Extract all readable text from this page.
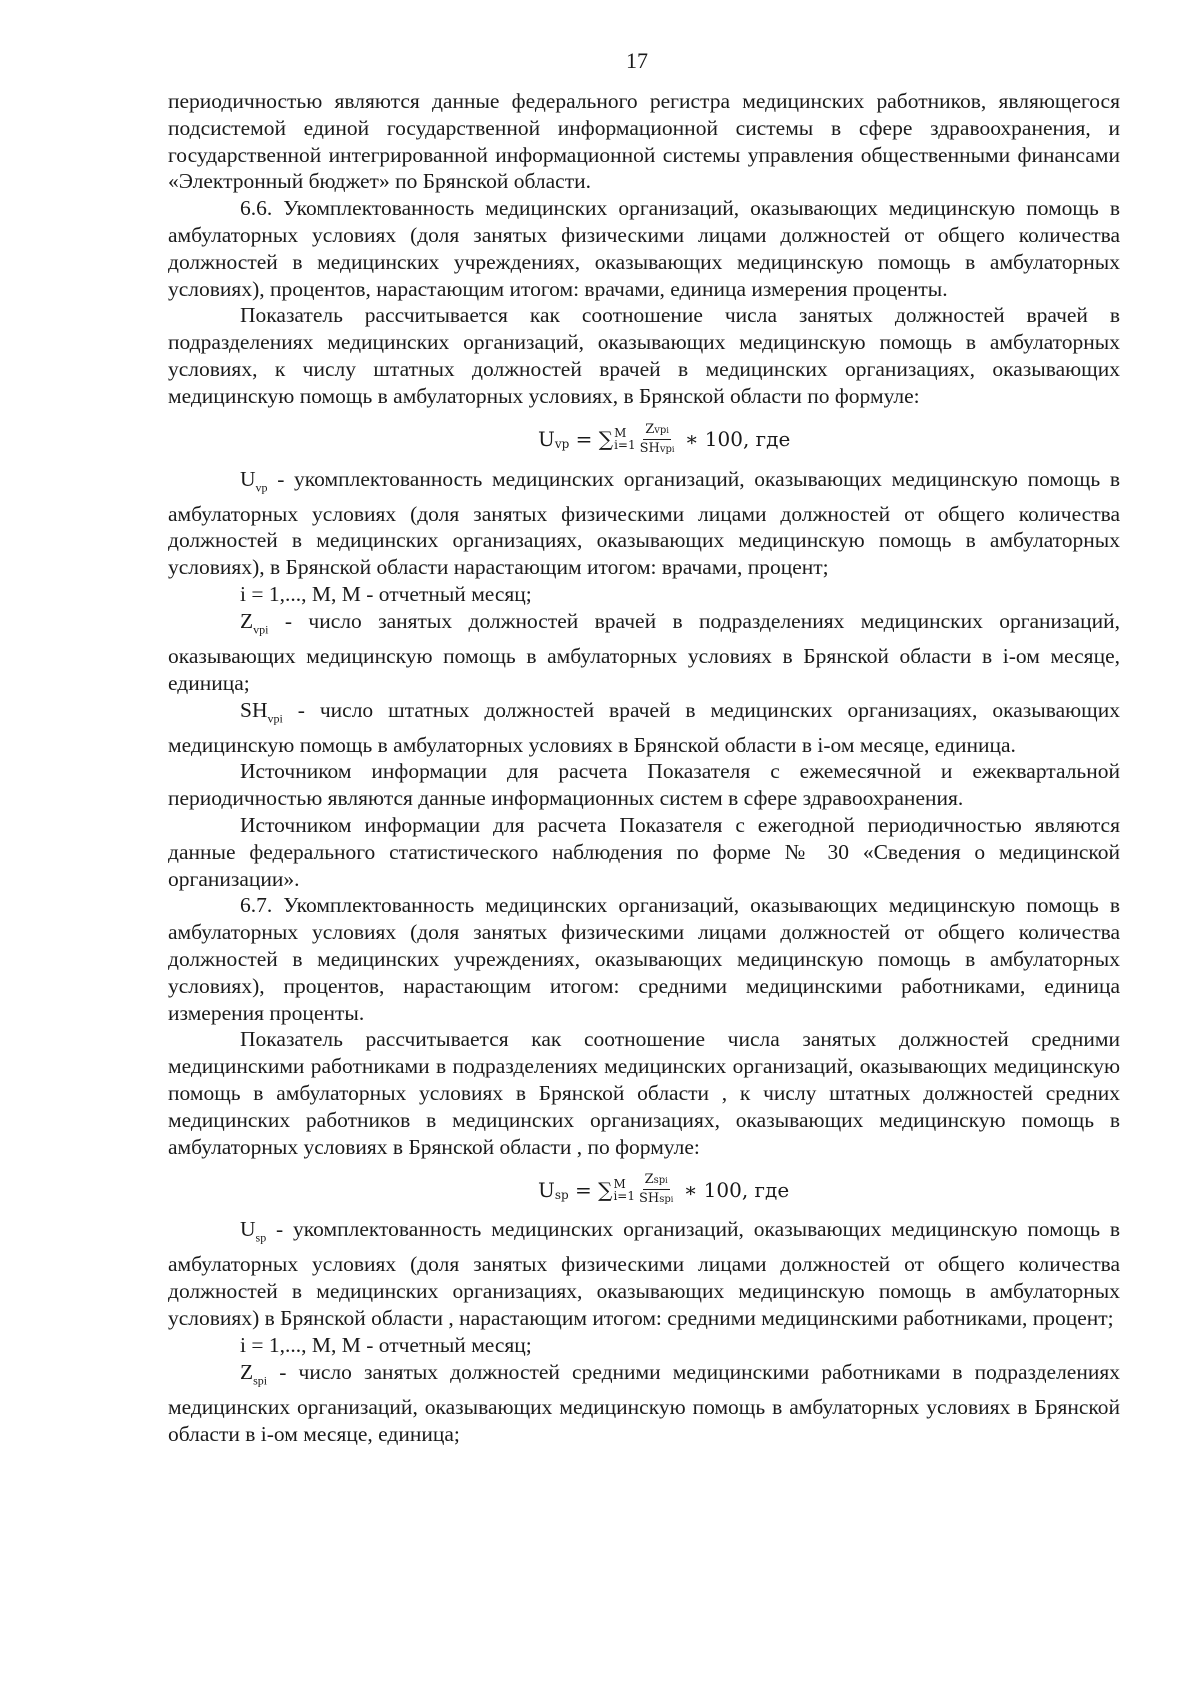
17

периодичностью являются данные федерального регистра медицинских работников, являющегося подсистемой единой государственной информационной системы в сфере здравоохранения, и государственной интегрированной информационной системы управления общественными финансами «Электронный бюджет» по Брянской области.

6.6. Укомплектованность медицинских организаций, оказывающих медицинскую помощь в амбулаторных условиях (доля занятых физическими лицами должностей от общего количества должностей в медицинских учреждениях, оказывающих медицинскую помощь в амбулаторных условиях), процентов, нарастающим итогом: врачами, единица измерения проценты.

Показатель рассчитывается как соотношение числа занятых должностей врачей в подразделениях медицинских организаций, оказывающих медицинскую помощь в амбулаторных условиях, к числу штатных должностей врачей в медицинских организациях, оказывающих медицинскую помощь в амбулаторных условиях, в Брянской области по формуле:

U vp = ∑ M
$i=1 \frac{\text{Zvpi}}{\text{SHvpi}}$ ∗ 100, где

$U_{vp}$ - укомплектованность медицинских организаций, оказывающих медицинскую помощь в амбулаторных условиях (доля занятых физическими лицами должностей от общего количества должностей в медицинских организациях, оказывающих медицинскую помощь в амбулаторных условиях), в Брянской области нарастающим итогом: врачами, процент;

i = 1,..., M, M - отчетный месяц;

$Z_{vpi}$ - число занятых должностей врачей в подразделениях медицинских организаций, оказывающих медицинскую помощь в амбулаторных условиях в Брянской области в i-ом месяце, единица;

$SH_{vpi}$ - число штатных должностей врачей в медицинских организациях, оказывающих медицинскую помощь в амбулаторных условиях в Брянской области в i-ом месяце, единица.

Источником информации для расчета Показателя с ежемесячной и ежеквартальной периодичностью являются данные информационных систем в сфере здравоохранения.

Источником информации для расчета Показателя с ежегодной периодичностью являются данные федерального статистического наблюдения по форме № 30 «Сведения о медицинской организации».

6.7. Укомплектованность медицинских организаций, оказывающих медицинскую помощь в амбулаторных условиях (доля занятых физическими лицами должностей от общего количества должностей в медицинских учреждениях, оказывающих медицинскую помощь в амбулаторных условиях), процентов, нарастающим итогом: средними медицинскими работниками, единица измерения проценты.

Показатель рассчитывается как соотношение числа занятых должностей средними медицинскими работниками в подразделениях медицинских организаций, оказывающих медицинскую помощь в амбулаторных условиях в Брянской области , к числу штатных должностей средних медицинских работников в медицинских организациях, оказывающих медицинскую помощь в амбулаторных условиях в Брянской области , по формуле:

U sp = ∑ M
$i=1 \frac{\text{Zspi}}{\text{SHspi}}$ ∗ 100, где

$U_{sp}$ - укомплектованность медицинских организаций, оказывающих медицинскую помощь в амбулаторных условиях (доля занятых физическими лицами должностей от общего количества должностей в медицинских организациях, оказывающих медицинскую помощь в амбулаторных условиях) в Брянской области , нарастающим итогом: средними медицинскими работниками, процент;

i = 1,..., M, M - отчетный месяц;

$Z_{spi}$ - число занятых должностей средними медицинскими работниками в подразделениях медицинских организаций, оказывающих медицинскую помощь в амбулаторных условиях в Брянской области в i-ом месяце, единица;
